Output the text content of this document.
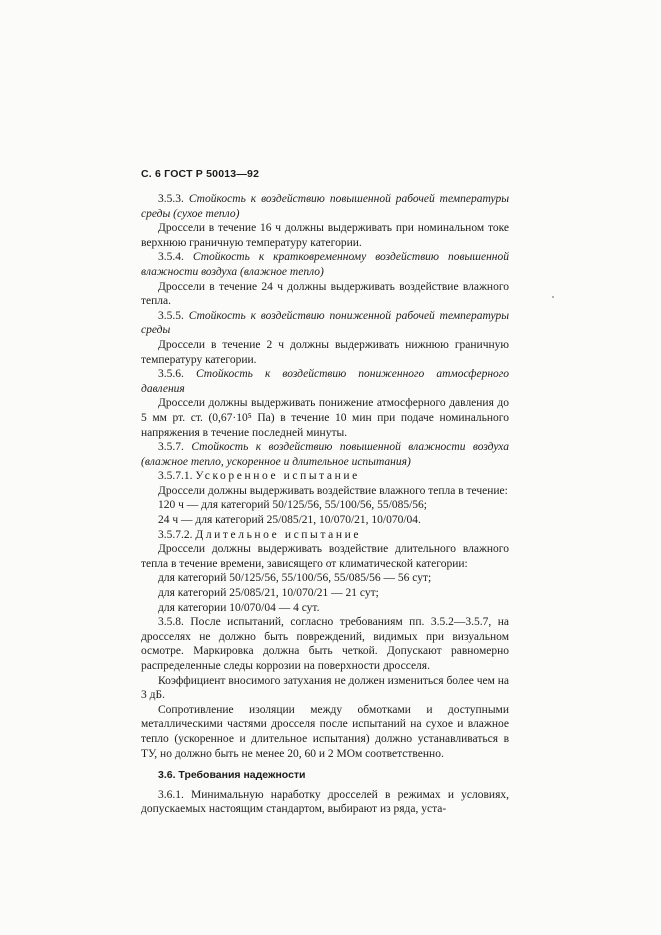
С. 6 ГОСТ Р 50013—92

3.5.3. Стойкость к воздействию повышенной рабочей температуры среды (сухое тепло)

Дроссели в течение 16 ч должны выдерживать при номинальном токе верхнюю граничную температуру категории.

3.5.4. Стойкость к кратковременному воздействию повышенной влажности воздуха (влажное тепло)

Дроссели в течение 24 ч должны выдерживать воздействие влажного тепла.

3.5.5. Стойкость к воздействию пониженной рабочей температуры среды

Дроссели в течение 2 ч должны выдерживать нижнюю граничную температуру категории.

3.5.6. Стойкость к воздействию пониженного атмосферного давления

Дроссели должны выдерживать понижение атмосферного давления до 5 мм рт. ст. (0,67·10⁵ Па) в течение 10 мин при подаче номинального напряжения в течение последней минуты.

3.5.7. Стойкость к воздействию повышенной влажности воздуха (влажное тепло, ускоренное и длительное испытания)

3.5.7.1. Ускоренное испытание

Дроссели должны выдерживать воздействие влажного тепла в течение:

120 ч — для категорий 50/125/56, 55/100/56, 55/085/56;

24 ч — для категорий 25/085/21, 10/070/21, 10/070/04.

3.5.7.2. Длительное испытание

Дроссели должны выдерживать воздействие длительного влажного тепла в течение времени, зависящего от климатической категории:

для категорий 50/125/56, 55/100/56, 55/085/56 — 56 сут;

для категорий 25/085/21, 10/070/21 — 21 сут;

для категории 10/070/04 — 4 сут.

3.5.8. После испытаний, согласно требованиям пп. 3.5.2—3.5.7, на дросселях не должно быть повреждений, видимых при визуальном осмотре. Маркировка должна быть четкой. Допускают равномерно распределенные следы коррозии на поверхности дросселя.

Коэффициент вносимого затухания не должен измениться более чем на 3 дБ.

Сопротивление изоляции между обмотками и доступными металлическими частями дросселя после испытаний на сухое и влажное тепло (ускоренное и длительное испытания) должно устанавливаться в ТУ, но должно быть не менее 20, 60 и 2 МОм соответственно.

3.6. Требования надежности

3.6.1. Минимальную наработку дросселей в режимах и условиях, допускаемых настоящим стандартом, выбирают из ряда, уста-
